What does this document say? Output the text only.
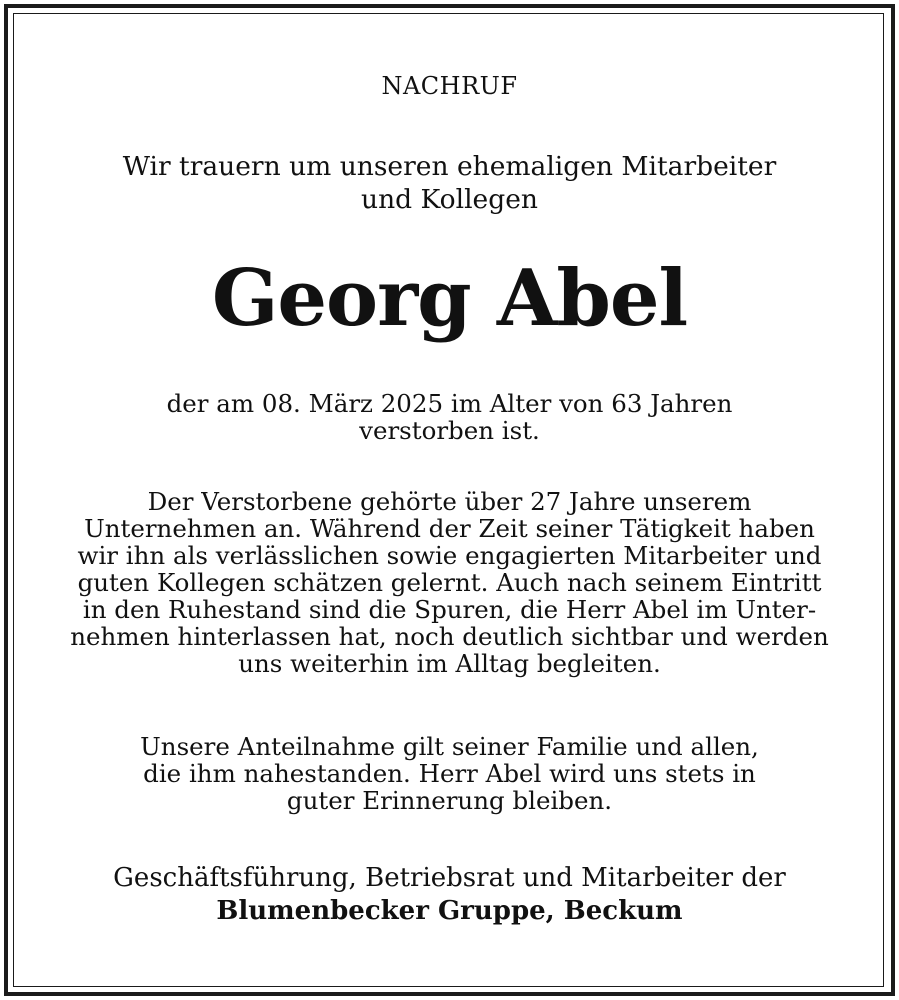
NACHRUF
Wir trauern um unseren ehemaligen Mitarbeiter
und Kollegen
Georg Abel
der am 08. März 2025 im Alter von 63 Jahren
verstorben ist.
Der Verstorbene gehörte über 27 Jahre unserem
Unternehmen an. Während der Zeit seiner Tätigkeit haben
wir ihn als verlässlichen sowie engagierten Mitarbeiter und
guten Kollegen schätzen gelernt. Auch nach seinem Eintritt
in den Ruhestand sind die Spuren, die Herr Abel im Unter-
nehmen hinterlassen hat, noch deutlich sichtbar und werden
uns weiterhin im Alltag begleiten.
Unsere Anteilnahme gilt seiner Familie und allen,
die ihm nahestanden. Herr Abel wird uns stets in
guter Erinnerung bleiben.
Geschäftsführung, Betriebsrat und Mitarbeiter der
Blumenbecker Gruppe, Beckum
